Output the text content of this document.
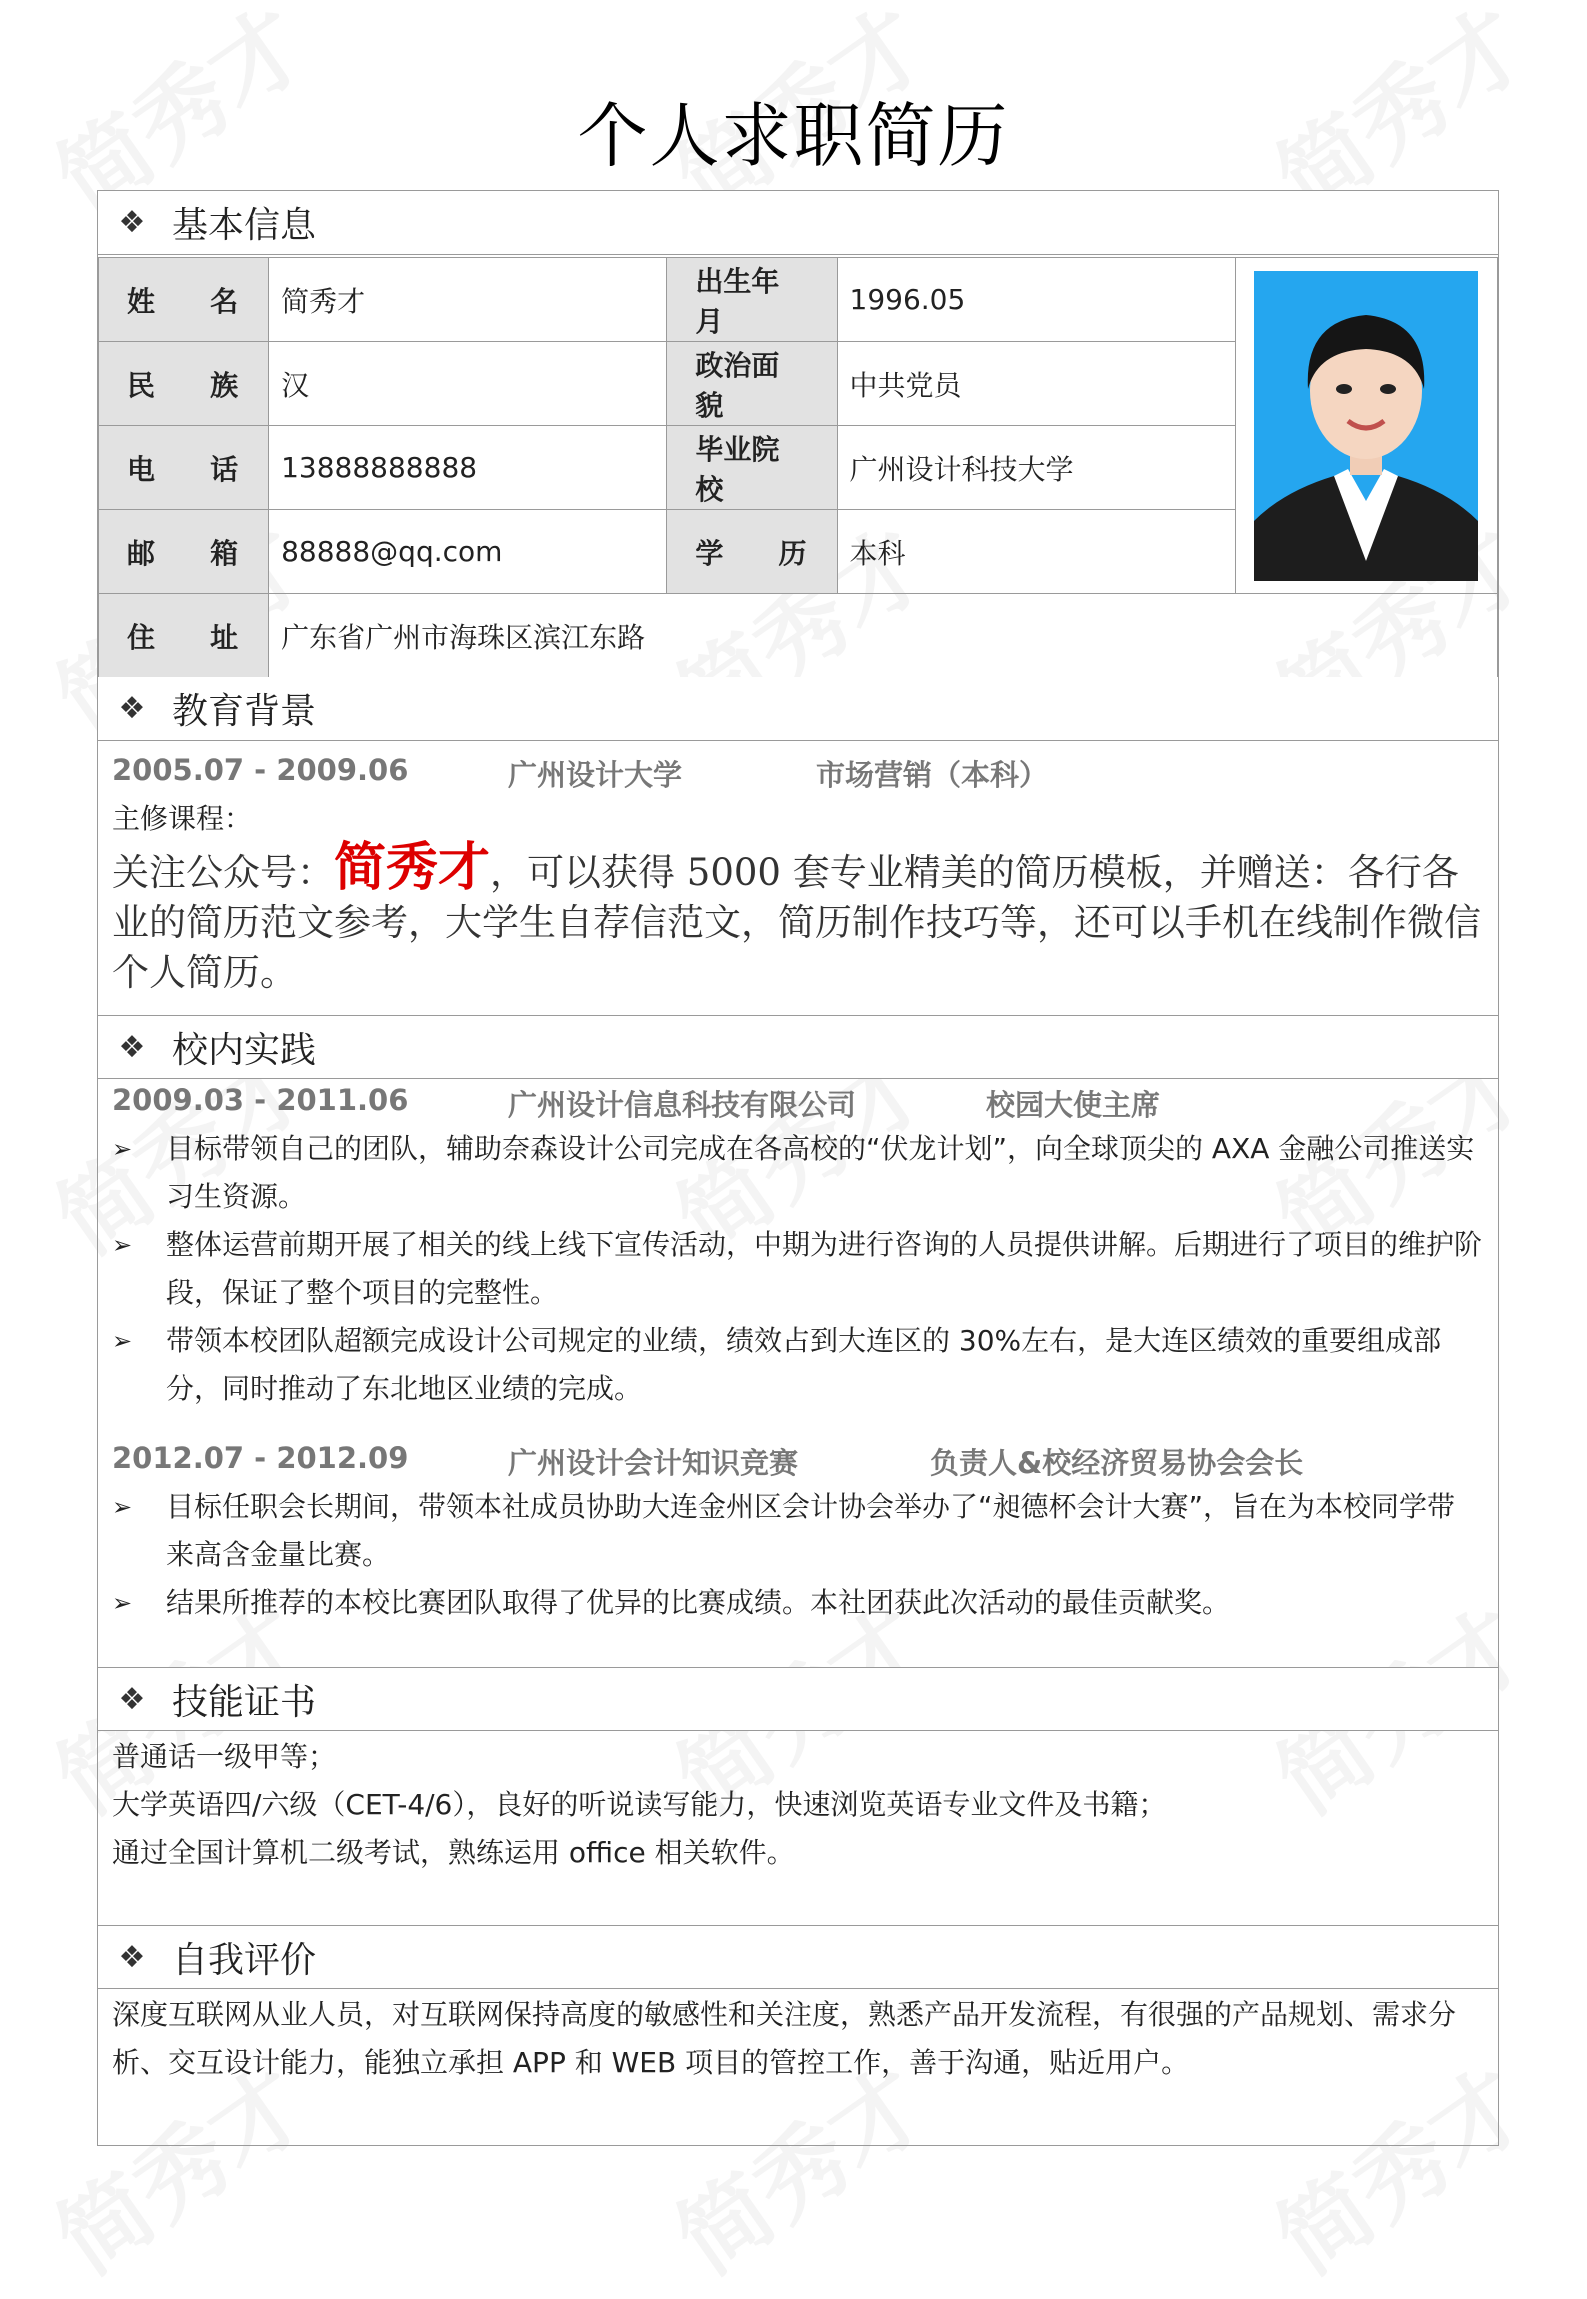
个人求职简历
❖ 基本信息
姓 名	简秀才	出生年月	1996.05	

民 族	汉	政治面貌	中共党员	

电 话	13888888888	毕业院校	广州设计科技大学	

邮 箱	88888@qq.com	学 历	本科	

住 址	广东省广州市海珠区滨江东路			
❖ 教育背景
2005.07 - 2009.06	广州设计大学	市场营销（本科）
主修课程：
关注公众号：简秀才，可以获得 5000 套专业精美的简历模板，并赠送：各行各业的简历范文参考，大学生自荐信范文，简历制作技巧等，还可以手机在线制作微信个人简历。
❖ 校内实践
2009.03 - 2011.06	广州设计信息科技有限公司	校园大使主席
➢ 目标带领自己的团队，辅助奈森设计公司完成在各高校的“伏龙计划”，向全球顶尖的 AXA 金融公司推送实习生资源。
➢ 整体运营前期开展了相关的线上线下宣传活动，中期为进行咨询的人员提供讲解。后期进行了项目的维护阶段，保证了整个项目的完整性。
➢ 带领本校团队超额完成设计公司规定的业绩，绩效占到大连区的 30%左右，是大连区绩效的重要组成部分，同时推动了东北地区业绩的完成。
2012.07 - 2012.09	广州设计会计知识竞赛	负责人&校经济贸易协会会长
➢ 目标任职会长期间，带领本社成员协助大连金州区会计协会举办了“昶德杯会计大赛”，旨在为本校同学带来高含金量比赛。
➢ 结果所推荐的本校比赛团队取得了优异的比赛成绩。本社团获此次活动的最佳贡献奖。
❖ 技能证书
普通话一级甲等；
大学英语四/六级（CET-4/6），良好的听说读写能力，快速浏览英语专业文件及书籍；
通过全国计算机二级考试，熟练运用 office 相关软件。
❖ 自我评价
深度互联网从业人员，对互联网保持高度的敏感性和关注度，熟悉产品开发流程，有很强的产品规划、需求分析、交互设计能力，能独立承担 APP 和 WEB 项目的管控工作，善于沟通，贴近用户。
